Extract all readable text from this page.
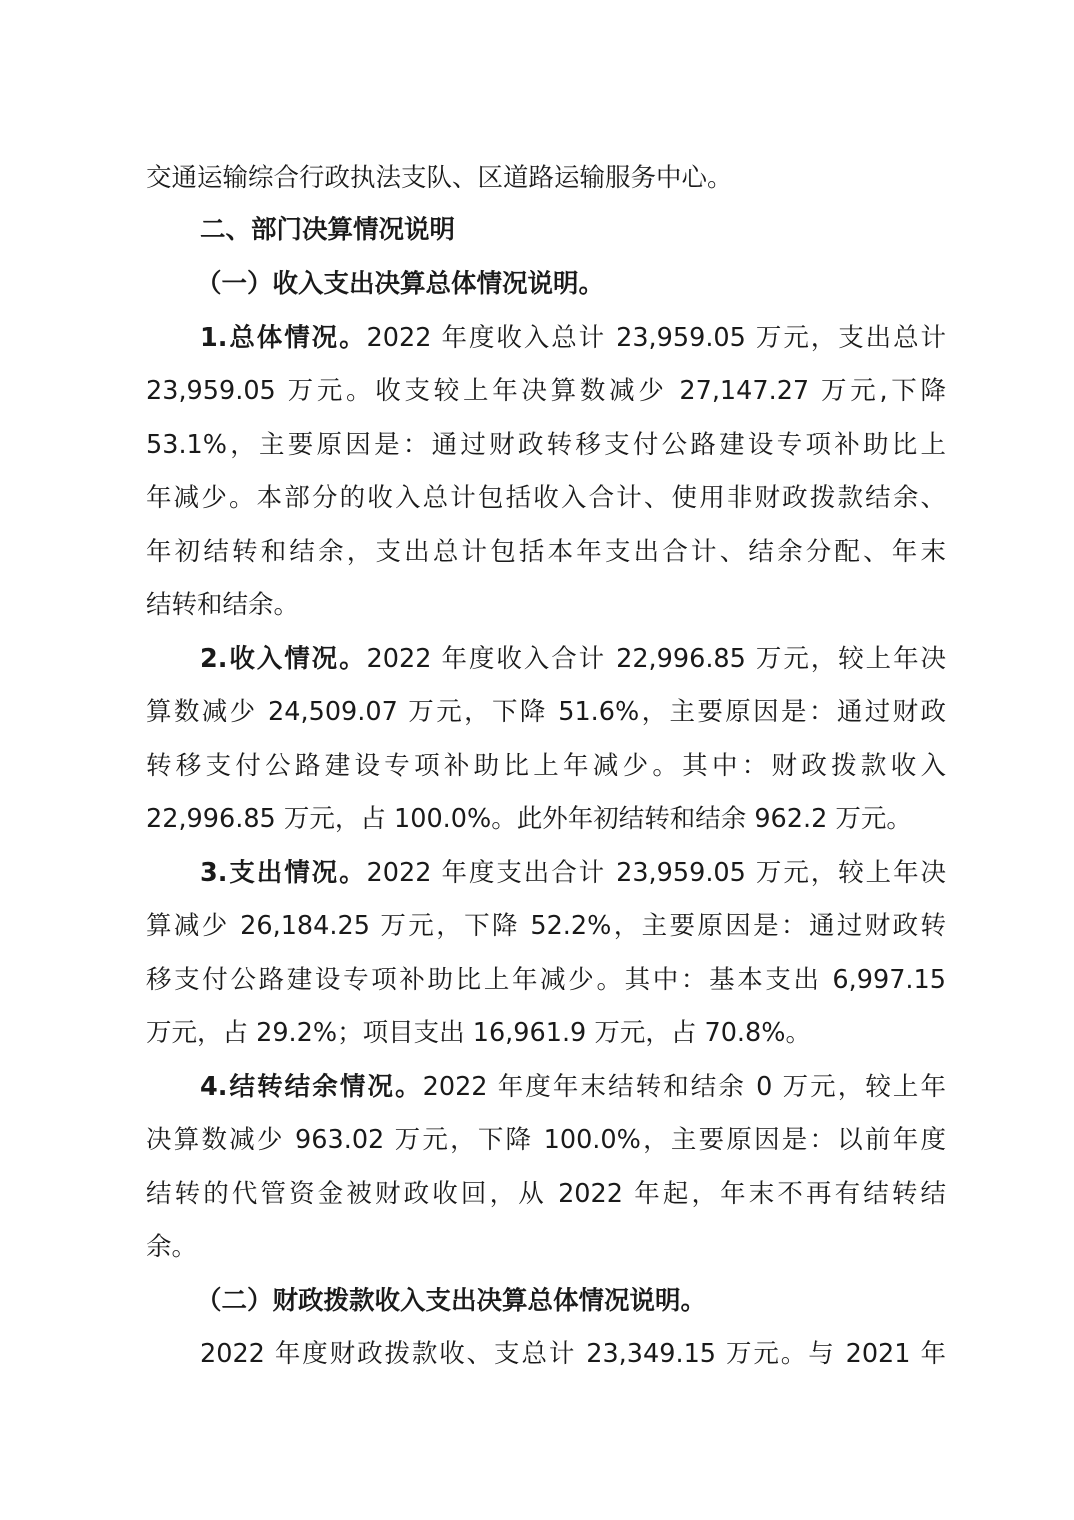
交通运输综合行政执法支队、区道路运输服务中心。
二、部门决算情况说明
（一）收入支出决算总体情况说明。
1.总体情况。2022 年度收入总计 23,959.05 万元，支出总计
23,959.05 万元。收支较上年决算数减少 27,147.27 万元,下降
53.1%，主要原因是：通过财政转移支付公路建设专项补助比上
年减少。本部分的收入总计包括收入合计、使用非财政拨款结余、
年初结转和结余，支出总计包括本年支出合计、结余分配、年末
结转和结余。
2.收入情况。2022 年度收入合计 22,996.85 万元，较上年决
算数减少 24,509.07 万元，下降 51.6%，主要原因是：通过财政
转移支付公路建设专项补助比上年减少。其中：财政拨款收入
22,996.85 万元，占 100.0%。此外年初结转和结余 962.2 万元。
3.支出情况。2022 年度支出合计 23,959.05 万元，较上年决
算减少 26,184.25 万元，下降 52.2%，主要原因是：通过财政转
移支付公路建设专项补助比上年减少。其中：基本支出 6,997.15
万元，占 29.2%；项目支出 16,961.9 万元，占 70.8%。
4.结转结余情况。2022 年度年末结转和结余 0 万元，较上年
决算数减少 963.02 万元，下降 100.0%，主要原因是：以前年度
结转的代管资金被财政收回，从 2022 年起，年末不再有结转结
余。
（二）财政拨款收入支出决算总体情况说明。
2022 年度财政拨款收、支总计 23,349.15 万元。与 2021 年
